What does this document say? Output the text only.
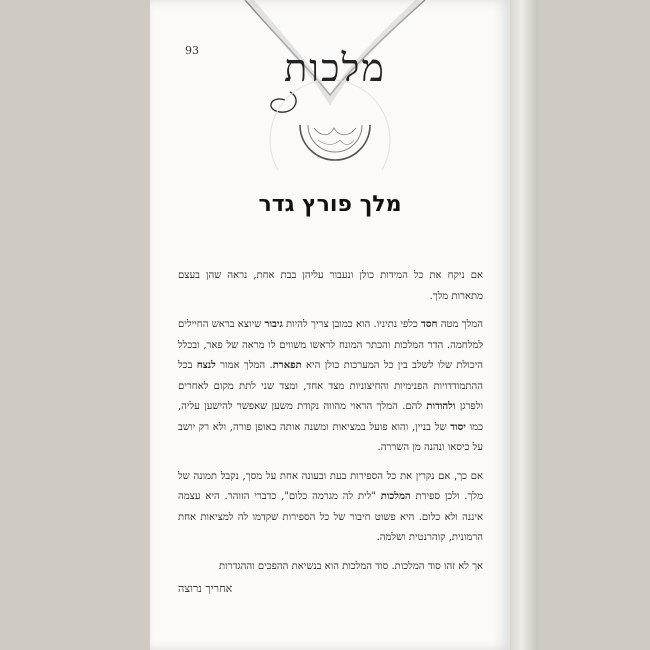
93	מלכות
מלך פורץ גדר

אם ניקח את כל המידות כולן ונעבור עליהן בבת אחת, נראה שהן בעצם מתארות מלך.

המלך מטה חסד כלפי נתיניו. הוא כמובן צריך להיות גיבור שיוצא בראש החיילים למלחמה. הדר המלכות והכתר המונח לראשו משווים לו מראה של פאר, ובכלל היכולת שלו לשלב בין כל המערכות כולן היא תפארת. המלך אמור לנצח בכל ההתמודדויות הפנימיות והחיצוניות מצד אחד, ומצד שני לתת מקום לאחרים ולפרגן ולהודות להם. המלך הראוי מהווה נקודת משען שאפשר להישען עליה, כמו יסוד של בניין, והוא פועל במציאות ומשנה אותה באופן פורה, ולא רק יושב על כיסאו ונהנה מן השררה.

אם כך, אם נקרין את כל הספירות בעת ובעונה אחת על מסך, נקבל תמונה של מלך. ולכן ספירת המלכות "לית לה מגרמה כלום", כדברי הזוהר. היא עצמה איננה ולא כלום. היא פשוט חיבור של כל הספירות שקדמו לה למציאות אחת הרמונית, קוהרנטית ושלמה.

אך לא זהו סוד המלכות. סוד המלכות הוא בנשיאת ההפכים וההגדרות

אחריך נרוצה
